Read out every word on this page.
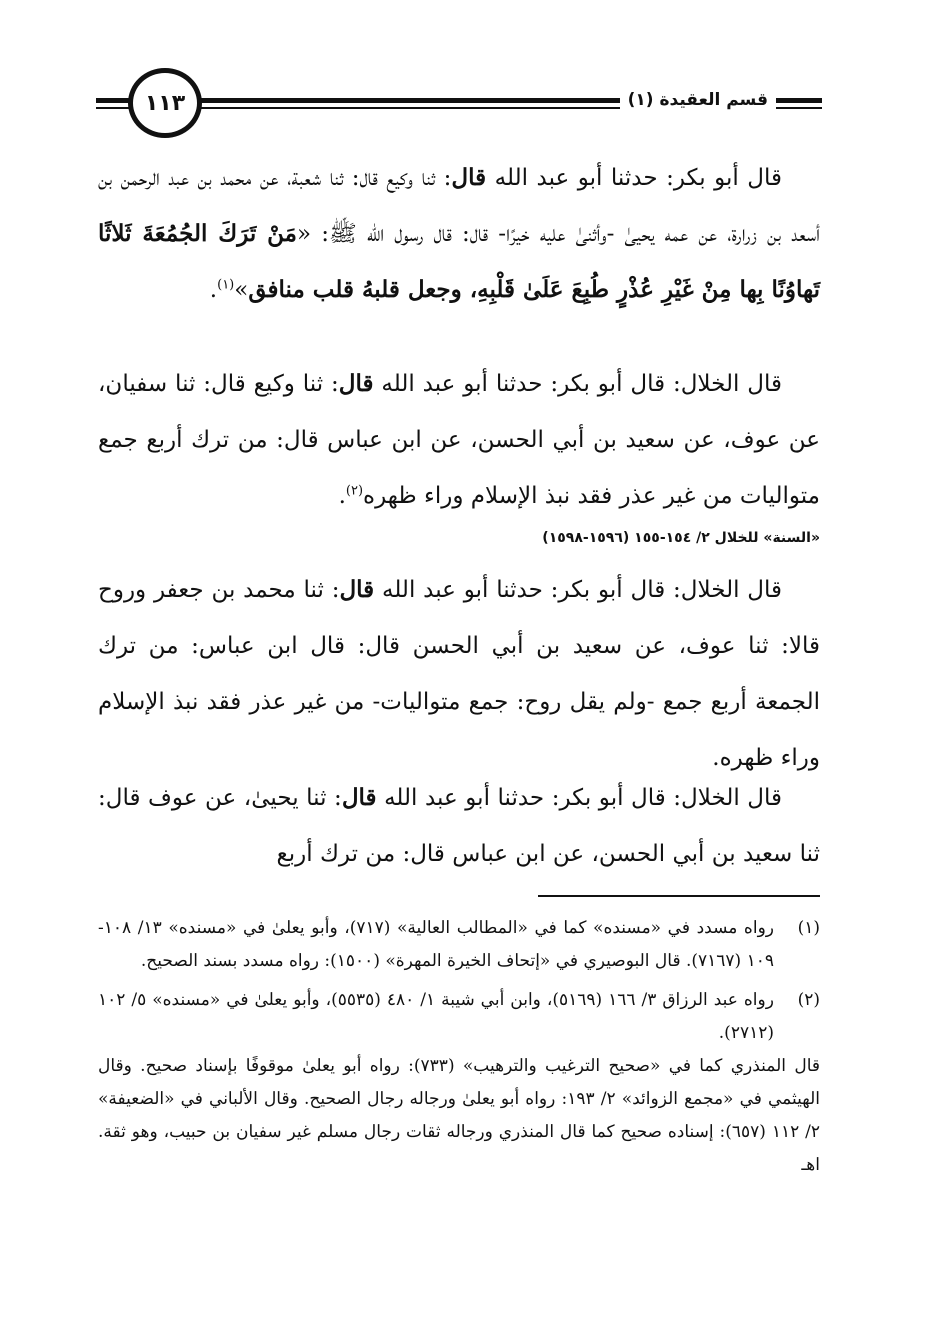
١١٣	قسم العقيدة (١)

قال أبو بكر: حدثنا أبو عبد الله قال: ثنا وكيع قال: ثنا شعبة، عن محمد بن عبد الرحمن بن أسعد بن زرارة، عن عمه يحيىٰ -وأثنىٰ عليه خيرًا- قال: قال رسول الله ﷺ: «مَنْ تَرَكَ الجُمُعَةَ ثَلاثًا تَهاوُنًا بِها مِنْ غَيْرِ عُذْرٍ طُبِعَ عَلَىٰ قَلْبِهِ، وجعل قلبهُ قلب منافق»$^{(١)}$.

قال الخلال: قال أبو بكر: حدثنا أبو عبد الله قال: ثنا وكيع قال: ثنا سفيان، عن عوف، عن سعيد بن أبي الحسن، عن ابن عباس قال: من ترك أربع جمع متواليات من غير عذر فقد نبذ الإسلام وراء ظهره$^{(٢)}$.

«السنة» للخلال ٢/ ١٥٤-١٥٥ (١٥٩٦-١٥٩٨)

قال الخلال: قال أبو بكر: حدثنا أبو عبد الله قال: ثنا محمد بن جعفر وروح قالا: ثنا عوف، عن سعيد بن أبي الحسن قال: قال ابن عباس: من ترك الجمعة أربع جمع -ولم يقل روح: جمع متواليات- من غير عذر فقد نبذ الإسلام وراء ظهره.

قال الخلال: قال أبو بكر: حدثنا أبو عبد الله قال: ثنا يحيىٰ، عن عوف قال: ثنا سعيد بن أبي الحسن، عن ابن عباس قال: من ترك أربع

(١)
رواه مسدد في «مسنده» كما في «المطالب العالية» (٧١٧)، وأبو يعلىٰ في «مسنده» ١٣/ ١٠٨- ١٠٩ (٧١٦٧). قال البوصيري في «إتحاف الخيرة المهرة» (١٥٠٠): رواه مسدد بسند الصحيح.
(٢)
رواه عبد الرزاق ٣/ ١٦٦ (٥١٦٩)، وابن أبي شيبة ١/ ٤٨٠ (٥٥٣٥)، وأبو يعلىٰ في «مسنده» ٥/ ١٠٢ (٢٧١٢).
قال المنذري كما في «صحيح الترغيب والترهيب» (٧٣٣): رواه أبو يعلىٰ موقوفًا بإسناد صحيح. وقال الهيثمي في «مجمع الزوائد» ٢/ ١٩٣: رواه أبو يعلىٰ ورجاله رجال الصحيح. وقال الألباني في «الضعيفة» ٢/ ١١٢ (٦٥٧): إسناده صحيح كما قال المنذري ورجاله ثقات رجال مسلم غير سفيان بن حبيب، وهو ثقة. اهـ
